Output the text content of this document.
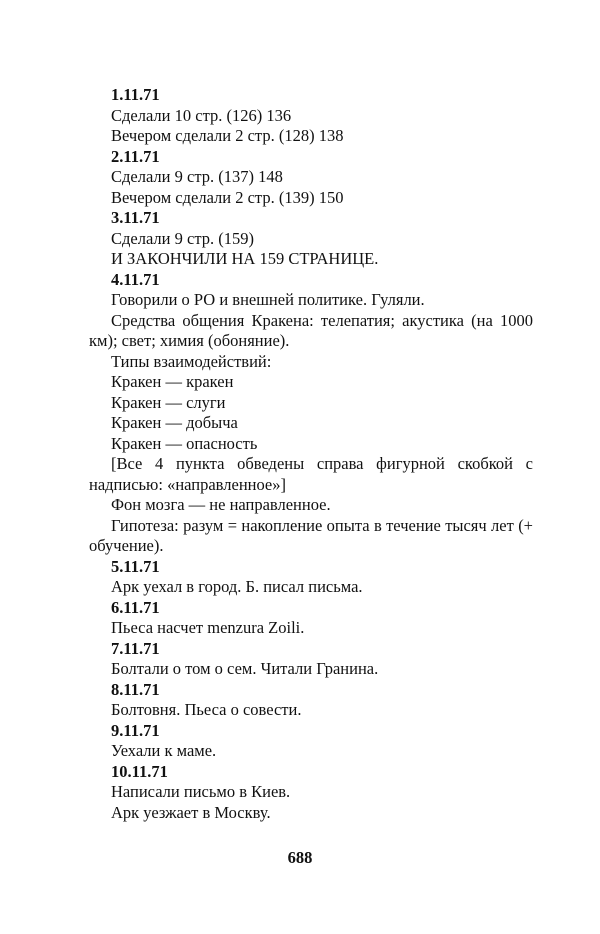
1.11.71
Сделали 10 стр. (126) 136
Вечером сделали 2 стр. (128) 138
2.11.71
Сделали 9 стр. (137) 148
Вечером сделали 2 стр. (139) 150
3.11.71
Сделали 9 стр. (159)
И ЗАКОНЧИЛИ НА 159 СТРАНИЦЕ.
4.11.71
Говорили о РО и внешней политике. Гуляли.
Средства общения Кракена: телепатия; акустика (на 1000 км); свет; химия (обоняние).
Типы взаимодействий:
Кракен — кракен
Кракен — слуги
Кракен — добыча
Кракен — опасность
[Все 4 пункта обведены справа фигурной скобкой с надписью: «направленное»]
Фон мозга — не направленное.
Гипотеза: разум = накопление опыта в течение тысяч лет (+ обучение).
5.11.71
Арк уехал в город. Б. писал письма.
6.11.71
Пьеса насчет menzura Zoili.
7.11.71
Болтали о том о сем. Читали Гранина.
8.11.71
Болтовня. Пьеса о совести.
9.11.71
Уехали к маме.
10.11.71
Написали письмо в Киев.
Арк уезжает в Москву.
688
